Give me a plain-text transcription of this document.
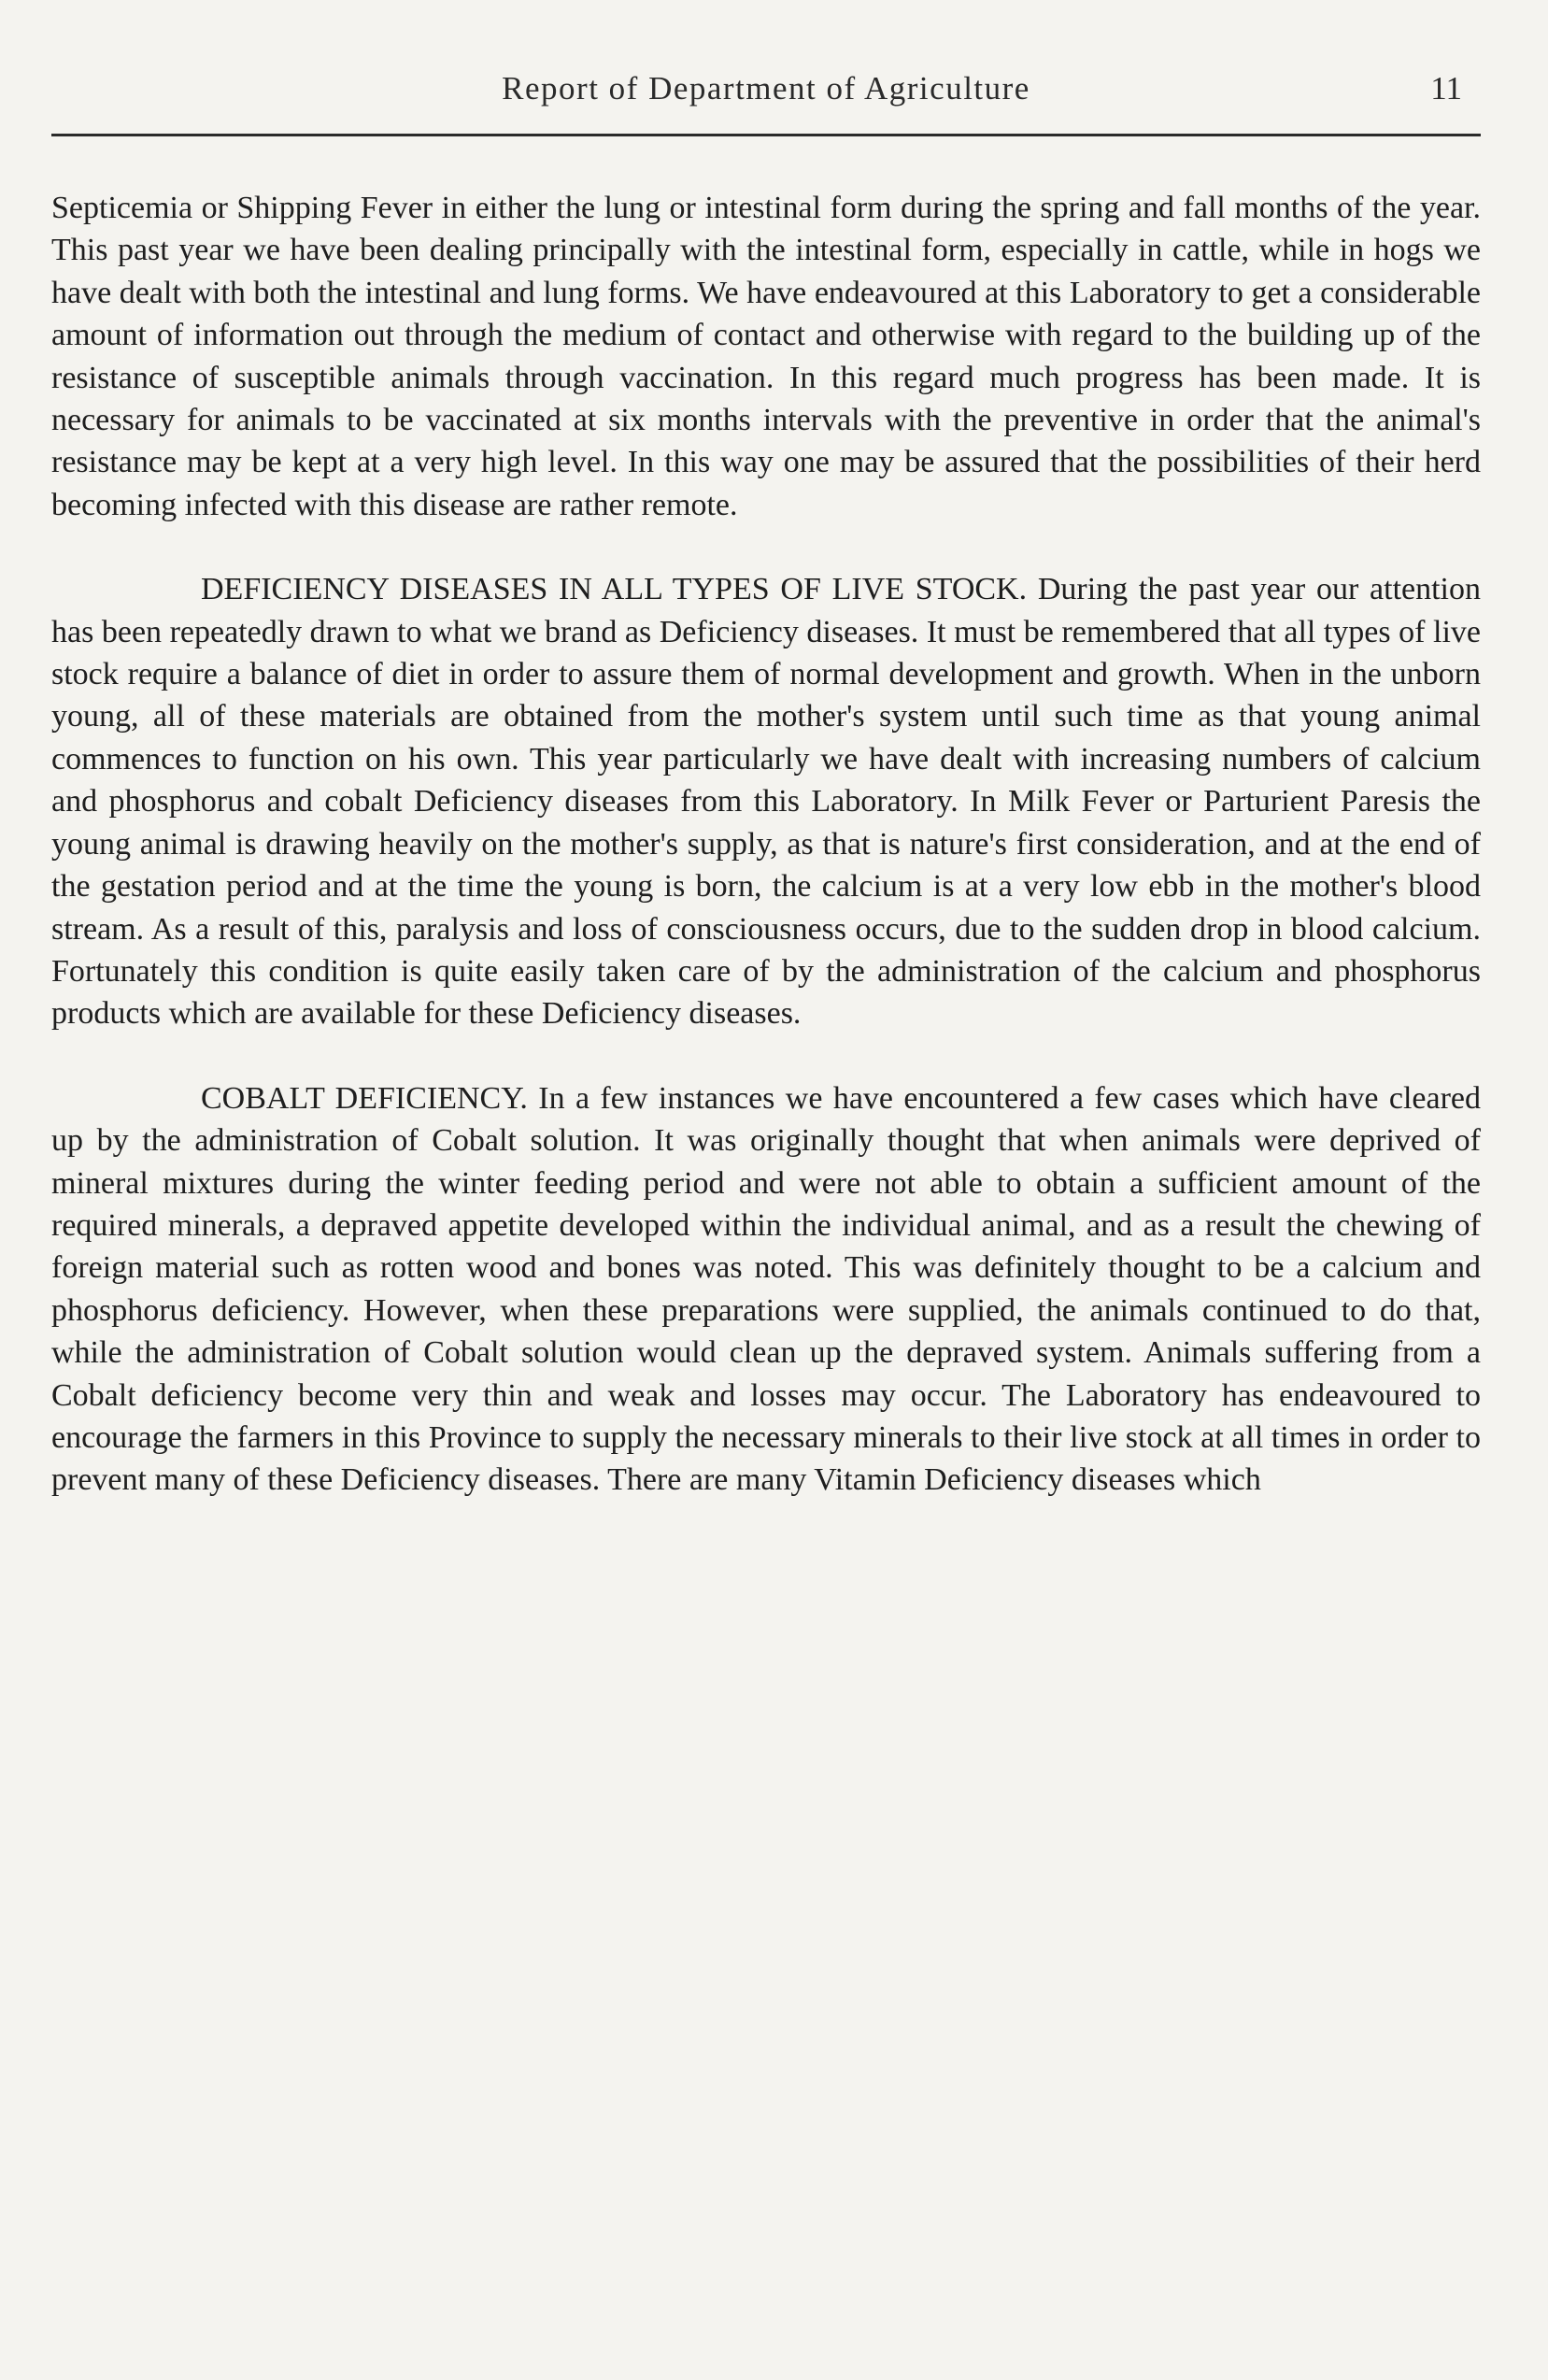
Report of Department of Agriculture	11

Septicemia or Shipping Fever in either the lung or intestinal form during the spring and fall months of the year. This past year we have been dealing principally with the intestinal form, especially in cattle, while in hogs we have dealt with both the intestinal and lung forms. We have endeavoured at this Laboratory to get a considerable amount of information out through the medium of contact and otherwise with regard to the building up of the resistance of susceptible animals through vaccination. In this regard much progress has been made. It is necessary for animals to be vaccinated at six months intervals with the preventive in order that the animal's resistance may be kept at a very high level. In this way one may be assured that the possibilities of their herd becoming infected with this disease are rather remote.

DEFICIENCY DISEASES IN ALL TYPES OF LIVE STOCK. During the past year our attention has been repeatedly drawn to what we brand as Deficiency diseases. It must be remembered that all types of live stock require a balance of diet in order to assure them of normal development and growth. When in the unborn young, all of these materials are obtained from the mother's system until such time as that young animal commences to function on his own. This year particularly we have dealt with increasing numbers of calcium and phosphorus and cobalt Deficiency diseases from this Laboratory. In Milk Fever or Parturient Paresis the young animal is drawing heavily on the mother's supply, as that is nature's first consideration, and at the end of the gestation period and at the time the young is born, the calcium is at a very low ebb in the mother's blood stream. As a result of this, paralysis and loss of consciousness occurs, due to the sudden drop in blood calcium. Fortunately this condition is quite easily taken care of by the administration of the calcium and phosphorus products which are available for these Deficiency diseases.

COBALT DEFICIENCY. In a few instances we have encountered a few cases which have cleared up by the administration of Cobalt solution. It was originally thought that when animals were deprived of mineral mixtures during the winter feeding period and were not able to obtain a sufficient amount of the required minerals, a depraved appetite developed within the individual animal, and as a result the chewing of foreign material such as rotten wood and bones was noted. This was definitely thought to be a calcium and phosphorus deficiency. However, when these preparations were supplied, the animals continued to do that, while the administration of Cobalt solution would clean up the depraved system. Animals suffering from a Cobalt deficiency become very thin and weak and losses may occur. The Laboratory has endeavoured to encourage the farmers in this Province to supply the necessary minerals to their live stock at all times in order to prevent many of these Deficiency diseases. There are many Vitamin Deficiency diseases which
